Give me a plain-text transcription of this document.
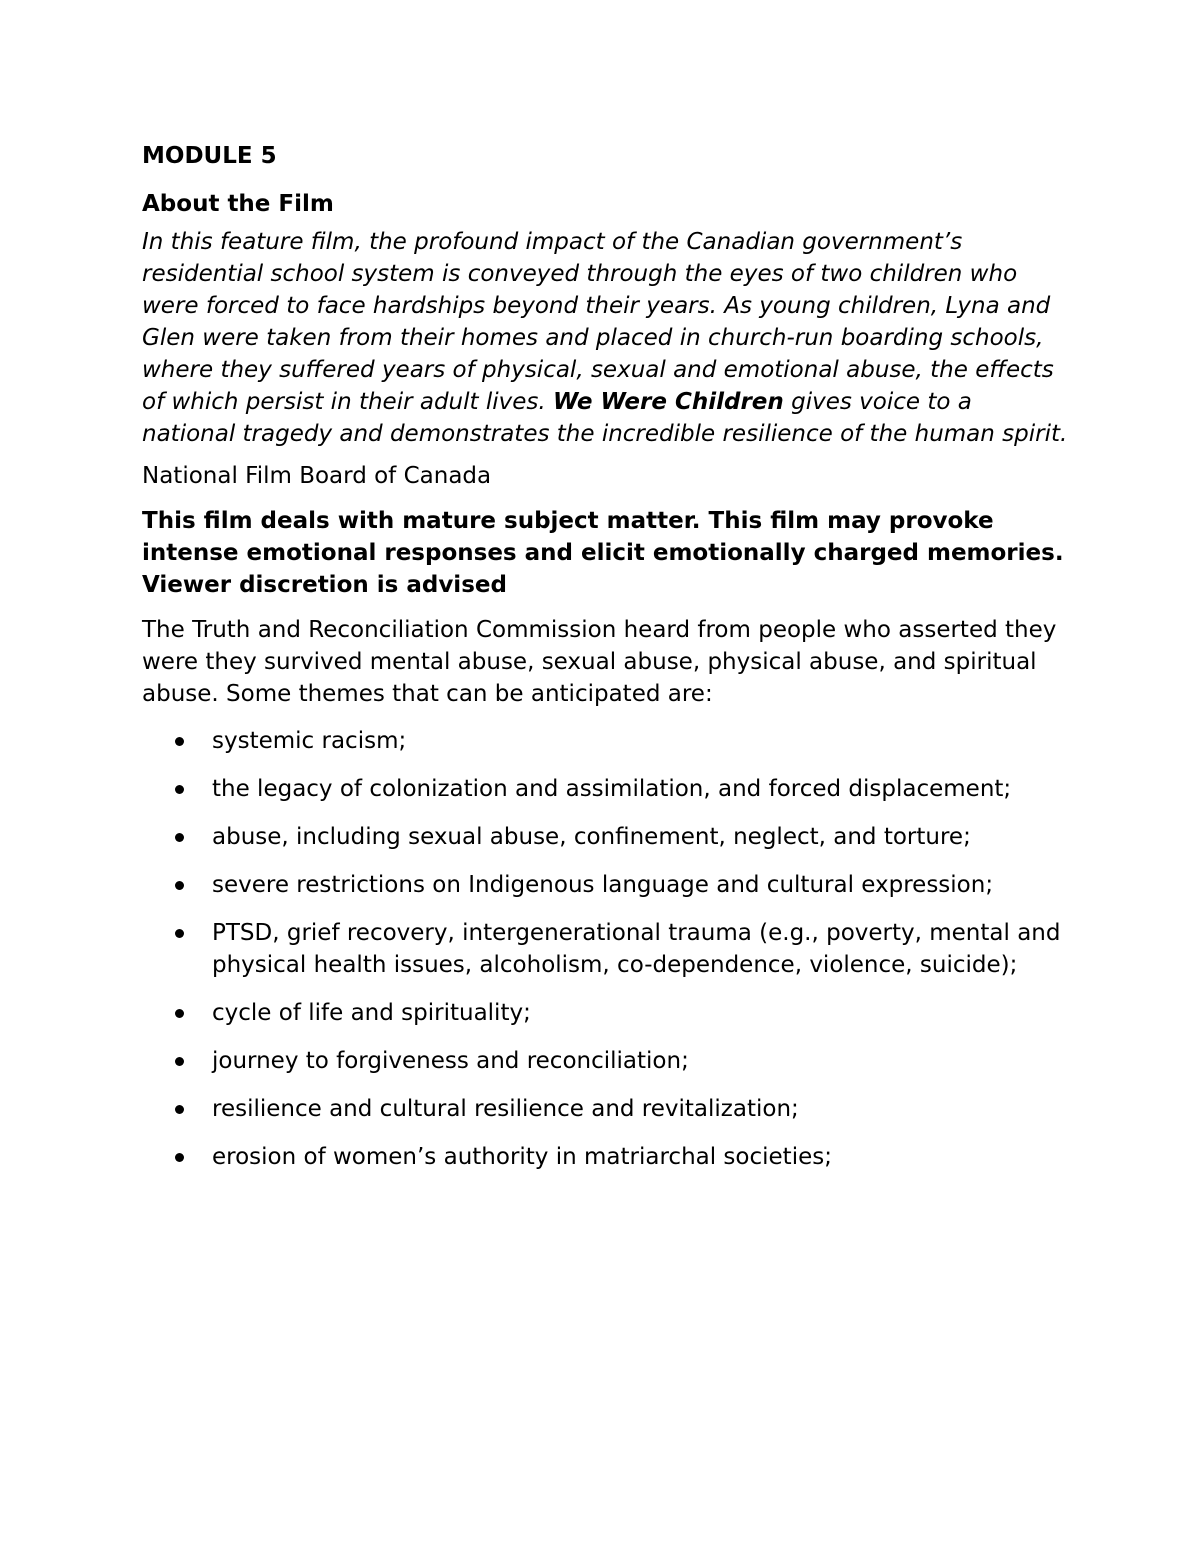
MODULE 5
About the Film

In this feature film, the profound impact of the Canadian government’s residential school system is conveyed through the eyes of two children who were forced to face hardships beyond their years. As young children, Lyna and Glen were taken from their homes and placed in church-run boarding schools, where they suffered years of physical, sexual and emotional abuse, the effects of which persist in their adult lives. We Were Children gives voice to a national tragedy and demonstrates the incredible resilience of the human spirit.

National Film Board of Canada

This film deals with mature subject matter. This film may provoke intense emotional responses and elicit emotionally charged memories. Viewer discretion is advised

The Truth and Reconciliation Commission heard from people who asserted they were they survived mental abuse, sexual abuse, physical abuse, and spiritual abuse. Some themes that can be anticipated are:

systemic racism;
the legacy of colonization and assimilation, and forced displacement;
abuse, including sexual abuse, confinement, neglect, and torture;
severe restrictions on Indigenous language and cultural expression;
PTSD, grief recovery, intergenerational trauma (e.g., poverty, mental and physical health issues, alcoholism, co-dependence, violence, suicide);
cycle of life and spirituality;
journey to forgiveness and reconciliation;
resilience and cultural resilience and revitalization;
erosion of women’s authority in matriarchal societies;
